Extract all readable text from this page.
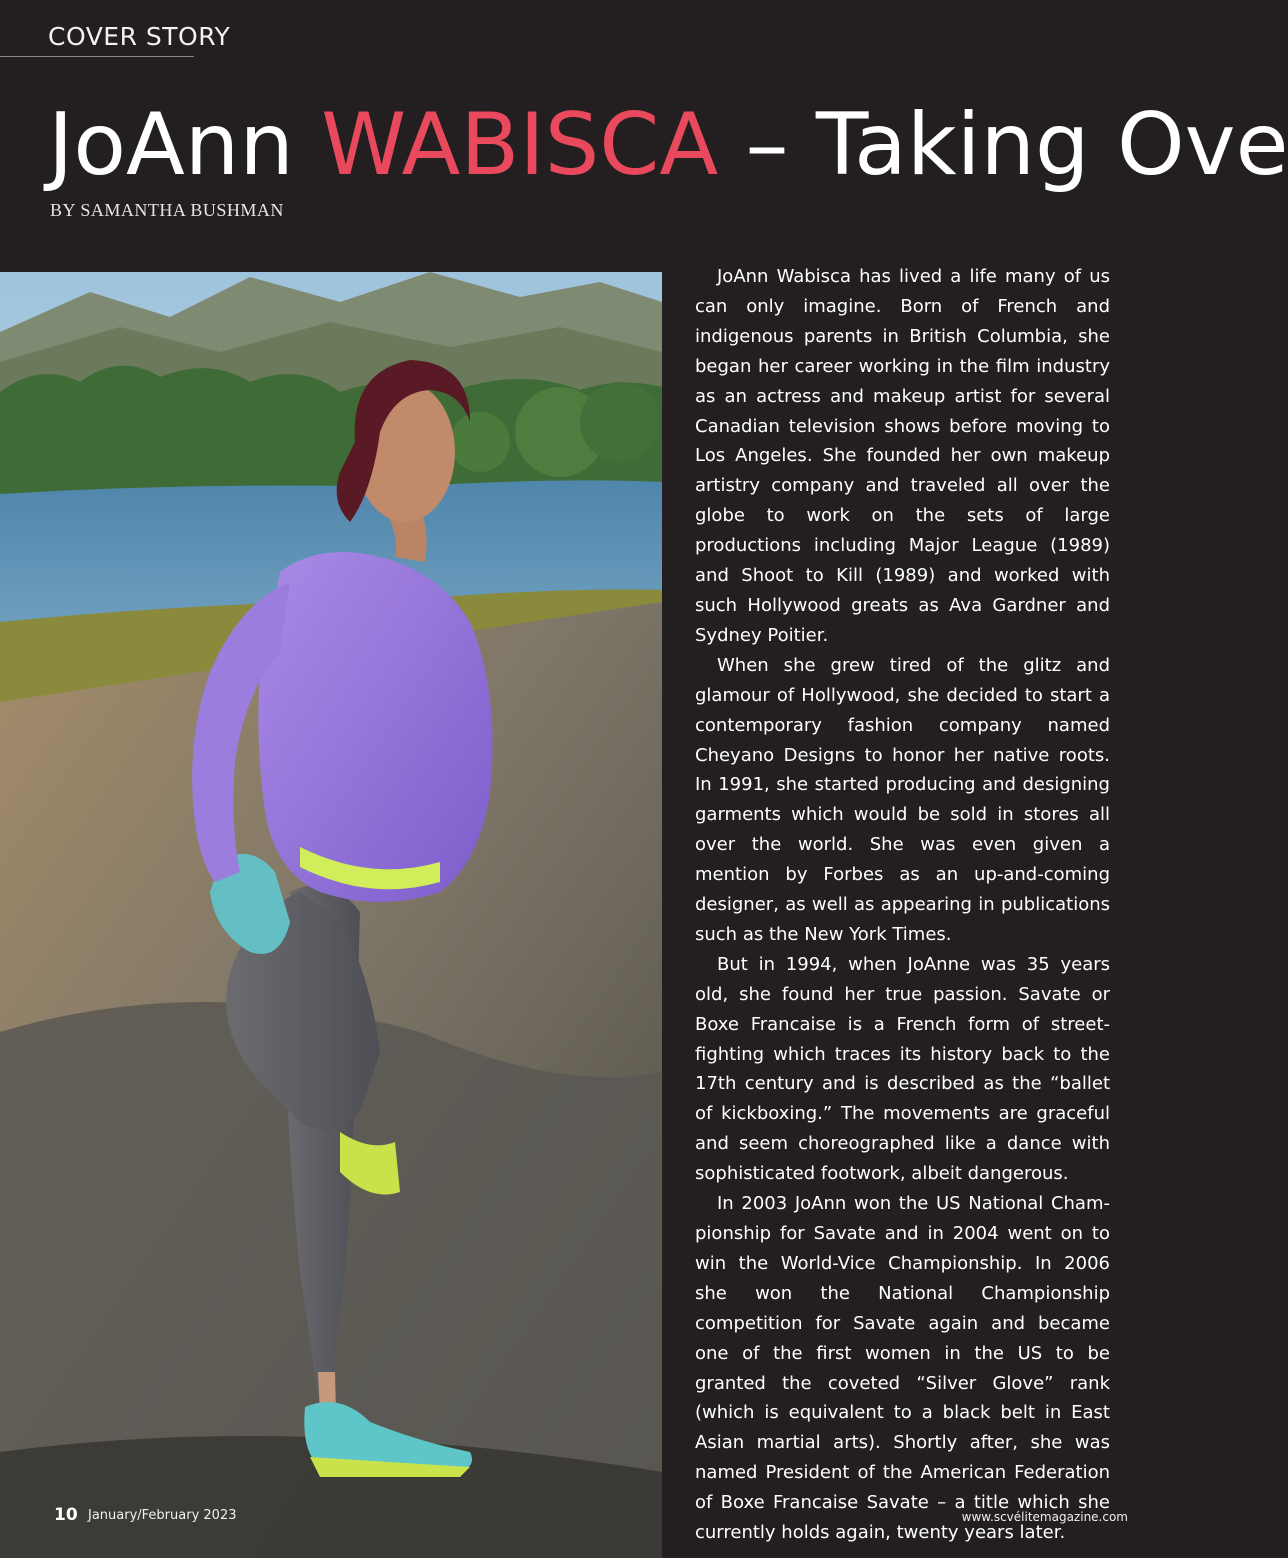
COVER STORY
JoAnn WABISCA – Taking Ove
BY SAMANTHA BUSHMAN

JoAnn Wabisca has lived a life many of us can only imagine. Born of French and indigenous parents in British Columbia, she began her career working in the film industry as an actress and makeup artist for several Canadian television shows before moving to Los Angeles. She founded her own makeup artistry company and traveled all over the globe to work on the sets of large productions including Major League (1989) and Shoot to Kill (1989) and worked with such Hollywood greats as Ava Gardner and Sydney Poitier.

When she grew tired of the glitz and glamour of Hollywood, she decided to start a contemporary fashion company named Cheyano Designs to honor her native roots. In 1991, she started producing and designing garments which would be sold in stores all over the world. She was even given a mention by Forbes as an up-and-coming designer, as well as appearing in publications such as the New York Times.

But in 1994, when JoAnne was 35 years old, she found her true passion. Savate or Boxe Francaise is a French form of street-fighting which traces its history back to the 17th century and is described as the “ballet of kickboxing.” The movements are graceful and seem choreographed like a dance with sophisticated footwork, albeit dangerous.

In 2003 JoAnn won the US National Championship for Savate and in 2004 went on to win the World-Vice Championship. In 2006 she won the National Championship competition for Savate again and became one of the first women in the US to be granted the coveted “Silver Glove” rank (which is equivalent to a black belt in East Asian martial arts). Shortly after, she was named President of the American Federation of Boxe Francaise Savate – a title which she currently holds again, twenty years later.

10 January/February 2023	www.scvélitemagazine.com
